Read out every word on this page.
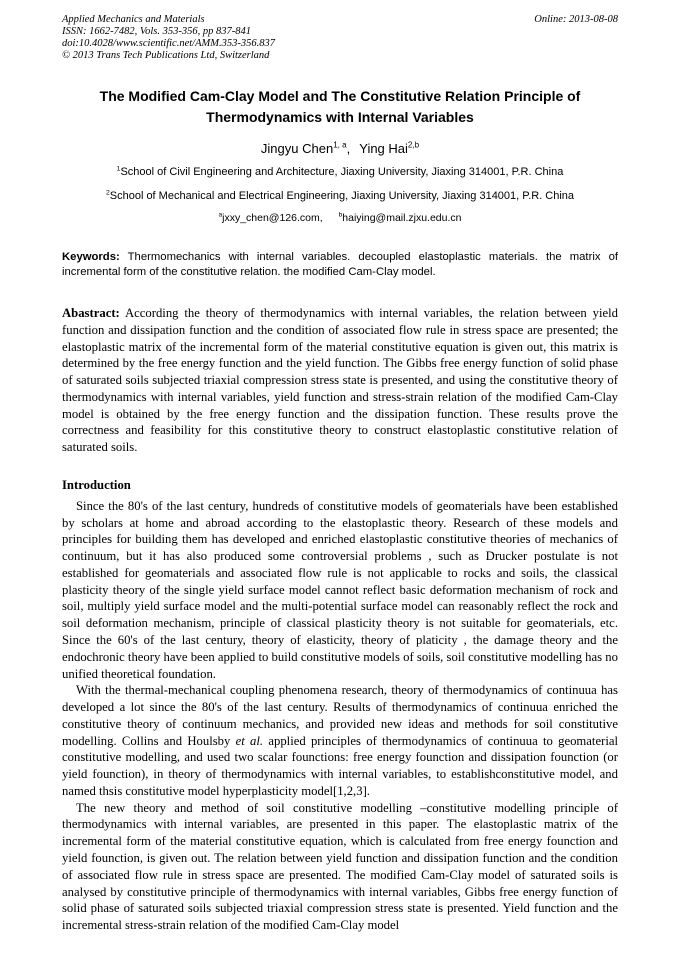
Applied Mechanics and Materials
ISSN: 1662-7482, Vols. 353-356, pp 837-841
doi:10.4028/www.scientific.net/AMM.353-356.837
© 2013 Trans Tech Publications Ltd, Switzerland
Online: 2013-08-08
The Modified Cam-Clay Model and The Constitutive Relation Principle of Thermodynamics with Internal Variables
Jingyu Chen$^{1, a}$, Ying Hai$^{2,b}$
$^1$School of Civil Engineering and Architecture, Jiaxing University, Jiaxing 314001, P.R. China
$^2$School of Mechanical and Electrical Engineering, Jiaxing University, Jiaxing 314001, P.R. China
$^a$jxxy_chen@126.com, $^b$haiying@mail.zjxu.edu.cn

Keywords: Thermomechanics with internal variables. decoupled elastoplastic materials. the matrix of incremental form of the constitutive relation. the modified Cam-Clay model.

Abastract: According the theory of thermodynamics with internal variables, the relation between yield function and dissipation function and the condition of associated flow rule in stress space are presented; the elastoplastic matrix of the incremental form of the material constitutive equation is given out, this matrix is determined by the free energy function and the yield function. The Gibbs free energy function of solid phase of saturated soils subjected triaxial compression stress state is presented, and using the constitutive theory of thermodynamics with internal variables, yield function and stress-strain relation of the modified Cam-Clay model is obtained by the free energy function and the dissipation function. These results prove the correctness and feasibility for this constitutive theory to construct elastoplastic constitutive relation of saturated soils.

Introduction

Since the 80's of the last century, hundreds of constitutive models of geomaterials have been established by scholars at home and abroad according to the elastoplastic theory. Research of these models and principles for building them has developed and enriched elastoplastic constitutive theories of mechanics of continuum, but it has also produced some controversial problems , such as Drucker postulate is not established for geomaterials and associated flow rule is not applicable to rocks and soils, the classical plasticity theory of the single yield surface model cannot reflect basic deformation mechanism of rock and soil, multiply yield surface model and the multi-potential surface model can reasonably reflect the rock and soil deformation mechanism, principle of classical plasticity theory is not suitable for geomaterials, etc. Since the 60's of the last century, theory of elasticity, theory of platicity , the damage theory and the endochronic theory have been applied to build constitutive models of soils, soil constitutive modelling has no unified theoretical foundation.

With the thermal-mechanical coupling phenomena research, theory of thermodynamics of continuua has developed a lot since the 80's of the last century. Results of thermodynamics of continuua enriched the constitutive theory of continuum mechanics, and provided new ideas and methods for soil constitutive modelling. Collins and Houlsby et al. applied principles of thermodynamics of continuua to geomaterial constitutive modelling, and used two scalar founctions: free energy founction and dissipation founction (or yield founction), in theory of thermodynamics with internal variables, to establishconstitutive model, and named thsis constitutive model hyperplasticity model[1,2,3].

The new theory and method of soil constitutive modelling –constitutive modelling principle of thermodynamics with internal variables, are presented in this paper. The elastoplastic matrix of the incremental form of the material constitutive equation, which is calculated from free energy founction and yield founction, is given out. The relation between yield function and dissipation function and the condition of associated flow rule in stress space are presented. The modified Cam-Clay model of saturated soils is analysed by constitutive principle of thermodynamics with internal variables, Gibbs free energy function of solid phase of saturated soils subjected triaxial compression stress state is presented. Yield function and the incremental stress-strain relation of the modified Cam-Clay model
